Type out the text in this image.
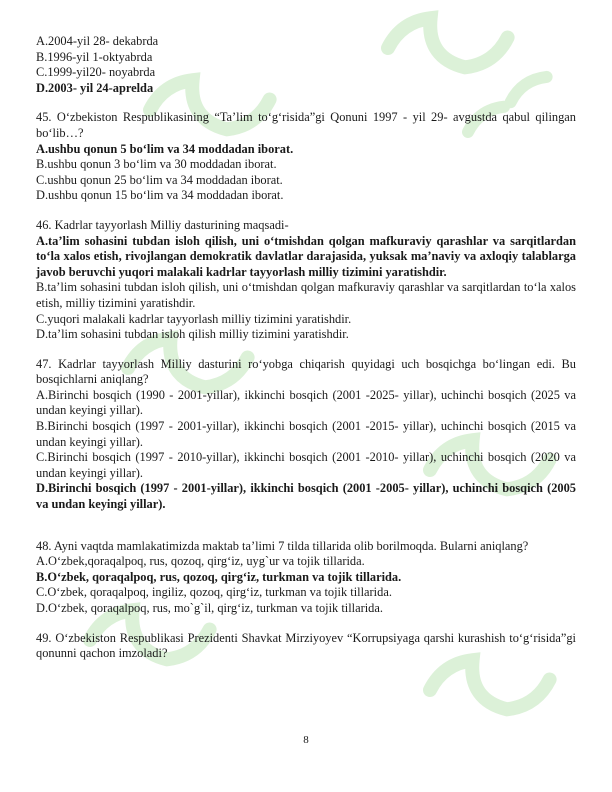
A.2004-yil 28- dekabrda

B.1996-yil 1-oktyabrda

C.1999-yil20- noyabrda

D.2003- yil 24-aprelda

45. O‘zbekiston Respublikasining “Ta’lim to‘g‘risida”gi Qonuni 1997 - yil 29- avgustda qabul qilingan bo‘lib…?

A.ushbu qonun 5 bo‘lim va 34 moddadan iborat.

B.ushbu qonun 3 bo‘lim va 30 moddadan iborat.

C.ushbu qonun 25 bo‘lim va 34 moddadan iborat.

D.ushbu qonun 15 bo‘lim va 34 moddadan iborat.

46. Kadrlar tayyorlash Milliy dasturining maqsadi-

A.ta’lim sohasini tubdan isloh qilish, uni o‘tmishdan qolgan mafkuraviy qarashlar va sarqitlardan to‘la xalos etish, rivojlangan demokratik davlatlar darajasida, yuksak ma’naviy va axloqiy talablarga javob beruvchi yuqori malakali kadrlar tayyorlash milliy tizimini yaratishdir.

B.ta’lim sohasini tubdan isloh qilish, uni o‘tmishdan qolgan mafkuraviy qarashlar va sarqitlardan to‘la xalos etish, milliy tizimini yaratishdir.

C.yuqori malakali kadrlar tayyorlash milliy tizimini yaratishdir.

D.ta’lim sohasini tubdan isloh qilish milliy tizimini yaratishdir.

47. Kadrlar tayyorlash Milliy dasturini ro‘yobga chiqarish quyidagi uch bosqichga bo‘lingan edi. Bu bosqichlarni aniqlang?

A.Birinchi bosqich (1990 - 2001-yillar), ikkinchi bosqich (2001 -2025- yillar), uchinchi bosqich (2025 va undan keyingi yillar).

B.Birinchi bosqich (1997 - 2001-yillar), ikkinchi bosqich (2001 -2015- yillar), uchinchi bosqich (2015 va undan keyingi yillar).

C.Birinchi bosqich (1997 - 2010-yillar), ikkinchi bosqich (2001 -2010- yillar), uchinchi bosqich (2020 va undan keyingi yillar).

D.Birinchi bosqich (1997 - 2001-yillar), ikkinchi bosqich (2001 -2005- yillar), uchinchi bosqich (2005 va undan keyingi yillar).

48. Ayni vaqtda mamlakatimizda maktab ta’limi 7 tilda tillarida olib borilmoqda. Bularni aniqlang?

A.O‘zbek,qoraqalpoq, rus, qozoq, qirg‘iz, uyg`ur va tojik tillarida.

B.O‘zbek, qoraqalpoq, rus, qozoq, qirg‘iz, turkman va tojik tillarida.

C.O‘zbek, qoraqalpoq, ingiliz, qozoq, qirg‘iz, turkman va tojik tillarida.

D.O‘zbek, qoraqalpoq, rus, mo`g`il, qirg‘iz, turkman va tojik tillarida.

49. O‘zbekiston Respublikasi Prezidenti Shavkat Mirziyoyev “Korrupsiyaga qarshi kurashish to‘g‘risida”gi qonunni qachon imzoladi?

8
